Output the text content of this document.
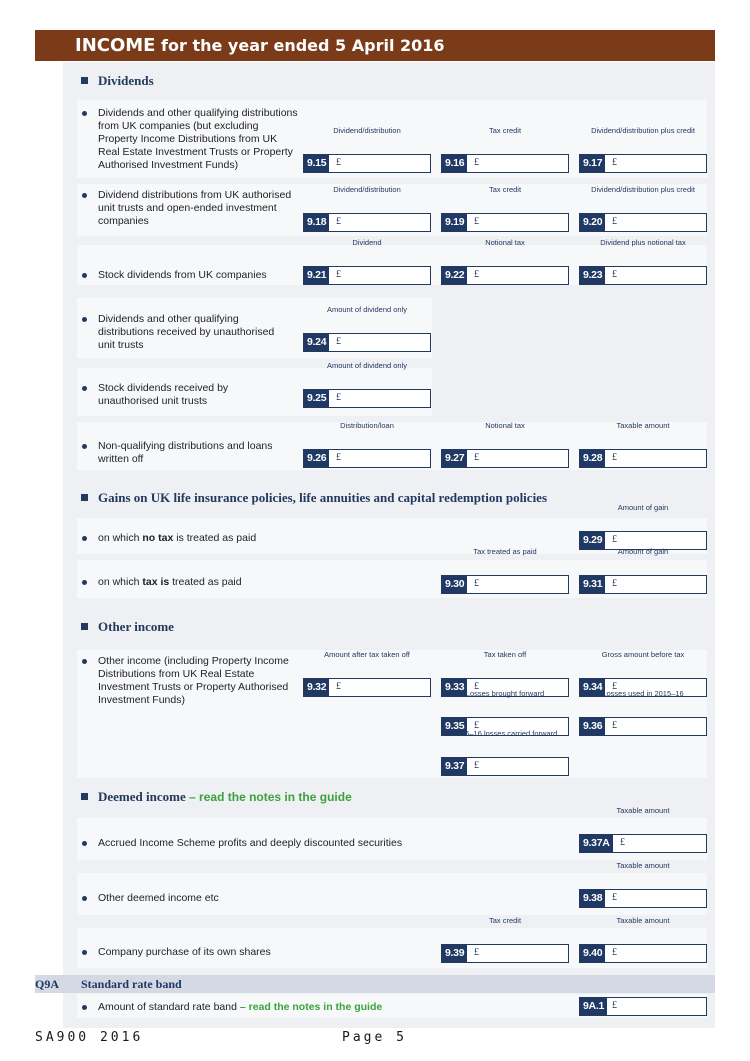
INCOME for the year ended 5 April 2016
Dividends
Gains on UK life insurance policies, life annuities and capital redemption policies
Other income
Deemed income – read the notes in the guide
Dividends and other qualifying distributions from UK companies (but excluding Property Income Distributions from UK Real Estate Investment Trusts or Property Authorised Investment Funds)
Dividend distributions from UK authorised unit trusts and open-ended investment companies
Stock dividends from UK companies
Dividends and other qualifying distributions received by unauthorised unit trusts
Stock dividends received by unauthorised unit trusts
Non-qualifying distributions and loans written off
on which no tax is treated as paid
on which tax is treated as paid
Other income (including Property Income Distributions from UK Real Estate Investment Trusts or Property Authorised Investment Funds)
Accrued Income Scheme profits and deeply discounted securities
Other deemed income etc
Company purchase of its own shares
Q9A Standard rate band
Amount of standard rate band – read the notes in the guide
Dividend/distribution
9.15 £
Tax credit
9.16 £
Dividend/distribution plus credit
9.17 £
Dividend/distribution
9.18 £
Tax credit
9.19 £
Dividend/distribution plus credit
9.20 £
Dividend
9.21 £
Notional tax
9.22 £
Dividend plus notional tax
9.23 £
Amount of dividend only
9.24 £
Amount of dividend only
9.25 £
Distribution/loan
9.26 £
Notional tax
9.27 £
Taxable amount
9.28 £
Amount of gain
9.29 £
Tax treated as paid
9.30 £
Amount of gain
9.31 £
Amount after tax taken off
9.32 £
Tax taken off
9.33 £
Gross amount before tax
9.34 £
Losses brought forward
9.35 £
Losses used in 2015–16
9.36 £
2015–16 losses carried forward
9.37 £
Taxable amount
9.37A	£
Taxable amount
9.38 £
Tax credit
9.39 £
Taxable amount
9.40 £
9A.1 £
SA900 2016	Page 5
